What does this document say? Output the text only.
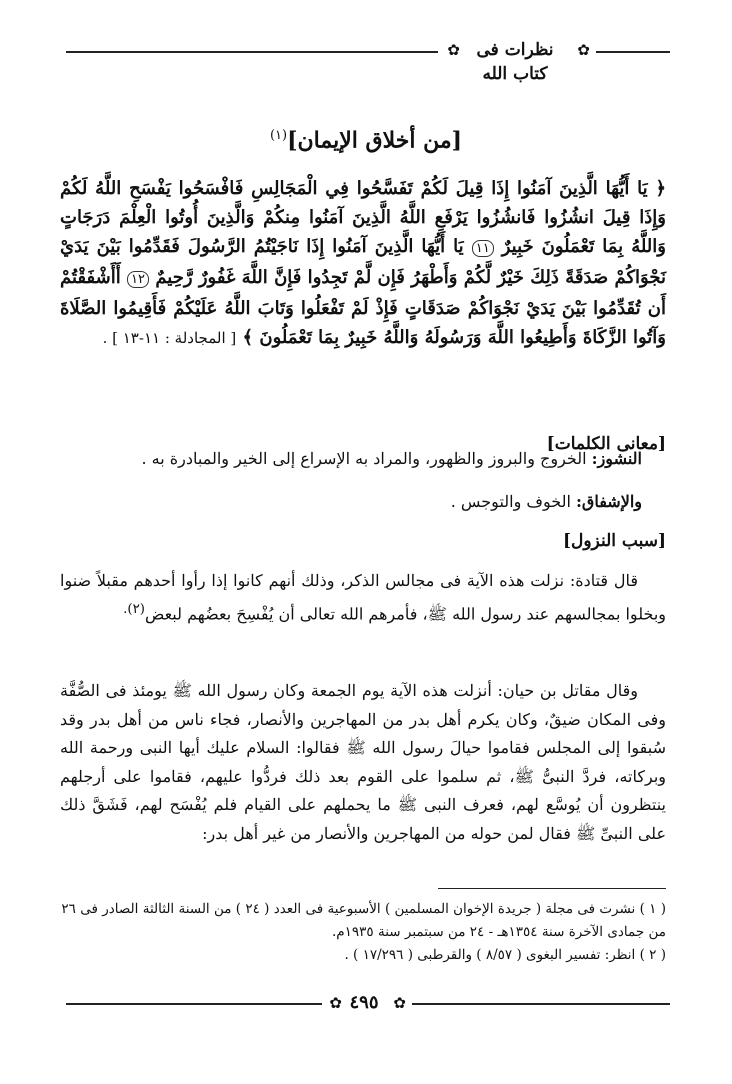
✿
نظرات فى كتاب الله
✿
[من أخلاق الإيمان]$^{(١)}$
﴿ يَا أَيُّهَا الَّذِينَ آمَنُوا إِذَا قِيلَ لَكُمْ تَفَسَّحُوا فِي الْمَجَالِسِ فَافْسَحُوا يَفْسَحِ اللَّهُ لَكُمْ وَإِذَا قِيلَ انشُزُوا فَانشُزُوا يَرْفَعِ اللَّهُ الَّذِينَ آمَنُوا مِنكُمْ وَالَّذِينَ أُوتُوا الْعِلْمَ دَرَجَاتٍ وَاللَّهُ بِمَا تَعْمَلُونَ خَبِيرٌ ١١ يَا أَيُّهَا الَّذِينَ آمَنُوا إِذَا نَاجَيْتُمُ الرَّسُولَ فَقَدِّمُوا بَيْنَ يَدَيْ نَجْوَاكُمْ صَدَقَةً ذَلِكَ خَيْرٌ لَّكُمْ وَأَطْهَرُ فَإِن لَّمْ تَجِدُوا فَإِنَّ اللَّهَ غَفُورٌ رَّحِيمٌ ١٢ أَأَشْفَقْتُمْ أَن تُقَدِّمُوا بَيْنَ يَدَيْ نَجْوَاكُمْ صَدَقَاتٍ فَإِذْ لَمْ تَفْعَلُوا وَتَابَ اللَّهُ عَلَيْكُمْ فَأَقِيمُوا الصَّلَاةَ وَآتُوا الزَّكَاةَ وَأَطِيعُوا اللَّهَ وَرَسُولَهُ وَاللَّهُ خَبِيرٌ بِمَا تَعْمَلُونَ ﴾ [ المجادلة : ١١-١٣ ] .
[معانى الكلمات]
النشوز: الخروج والبروز والظهور، والمراد به الإسراع إلى الخير والمبادرة به .
والإشفاق: الخوف والتوجس .
[سبب النزول]
قال قتادة: نزلت هذه الآية فى مجالس الذكر، وذلك أنهم كانوا إذا رأوا أحدهم مقبلاً ضنوا وبخلوا بمجالسهم عند رسول الله ﷺ، فأمرهم الله تعالى أن يُفْسِحَ بعضُهم لبعض$^{(٢).}$
وقال مقاتل بن حيان: أنزلت هذه الآية يوم الجمعة وكان رسول الله ﷺ يومئذ فى الصُّفَّة وفى المكان ضيقٌ، وكان يكرم أهل بدر من المهاجرين والأنصار، فجاء ناس من أهل بدر وقد سُبقوا إلى المجلس فقاموا حيالَ رسول الله ﷺ فقالوا: السلام عليك أيها النبى ورحمة الله وبركاته، فردَّ النبىُّ ﷺ، ثم سلموا على القوم بعد ذلك فردُّوا عليهم، فقاموا على أرجلهم ينتظرون أن يُوسَّع لهم، فعرف النبى ﷺ ما يحملهم على القيام فلم يُفْسَح لهم، فَشَقَّ ذلك على النبىِّ ﷺ فقال لمن حوله من المهاجرين والأنصار من غير أهل بدر:

( ١ ) نشرت فى مجلة ( جريدة الإخوان المسلمين ) الأسبوعية فى العدد ( ٢٤ ) من السنة الثالثة الصادر فى ٢٦ من جمادى الآخرة سنة ١٣٥٤هـ - ٢٤ من سبتمبر سنة ١٩٣٥م.

( ٢ ) انظر: تفسير البغوى ( ٨/٥٧ ) والقرطبى ( ١٧/٢٩٦ ) .

✿
٤٩٥
✿
